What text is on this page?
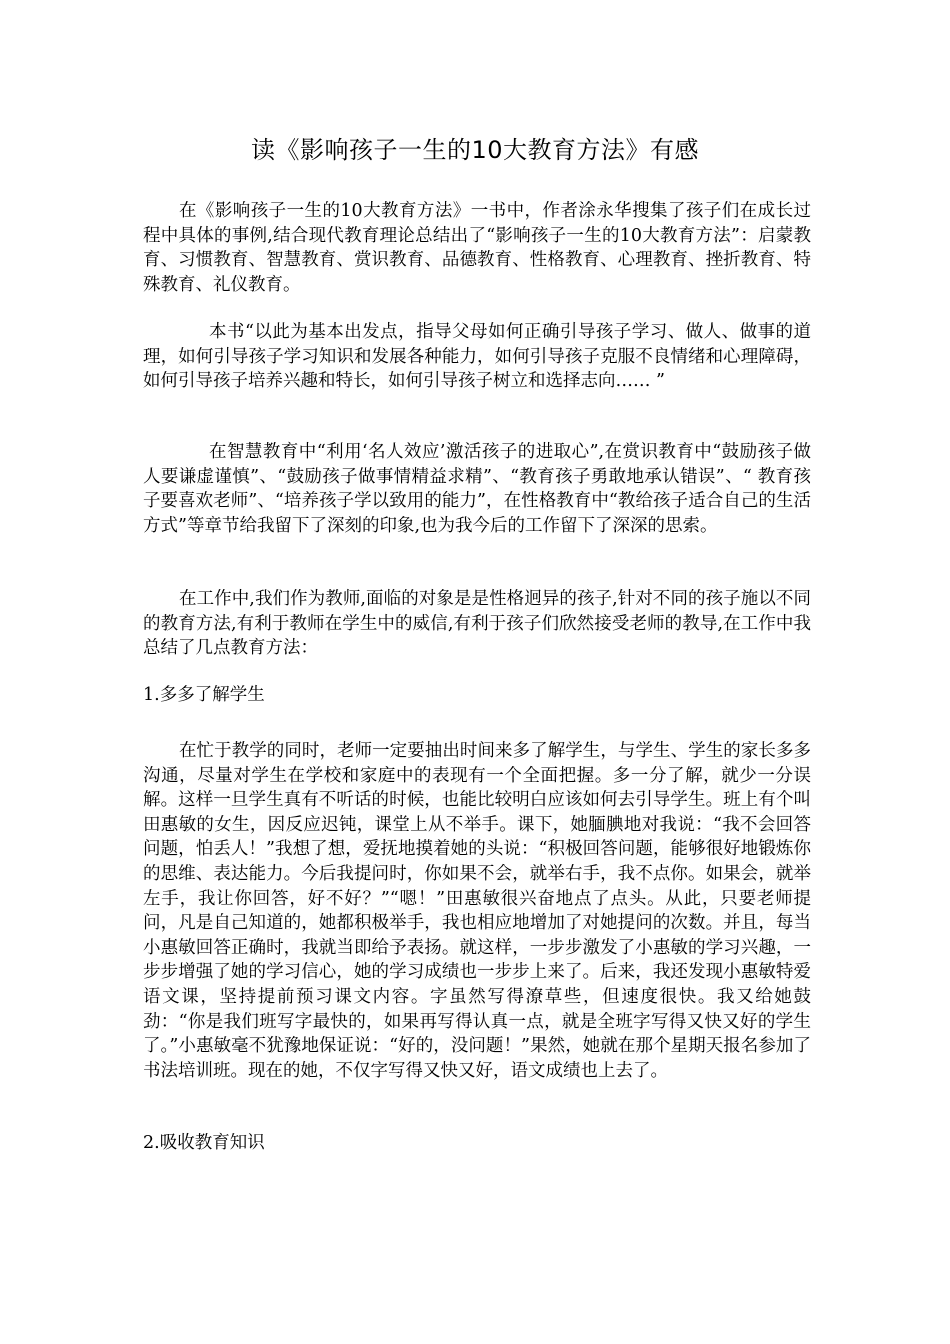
读《影响孩子一生的10大教育方法》有感

在《影响孩子一生的10大教育方法》一书中，作者涂永华搜集了孩子们在成长过程中具体的事例,结合现代教育理论总结出了“影响孩子一生的10大教育方法”：启蒙教育、习惯教育、智慧教育、赏识教育、品德教育、性格教育、心理教育、挫折教育、特殊教育、礼仪教育。

本书“以此为基本出发点，指导父母如何正确引导孩子学习、做人、做事的道理，如何引导孩子学习知识和发展各种能力，如何引导孩子克服不良情绪和心理障碍，如何引导孩子培养兴趣和特长，如何引导孩子树立和选择志向…… ”

在智慧教育中“利用‘名人效应’激活孩子的进取心”,在赏识教育中“鼓励孩子做人要谦虚谨慎”、“鼓励孩子做事情精益求精”、“教育孩子勇敢地承认错误”、“ 教育孩子要喜欢老师”、“培养孩子学以致用的能力”，在性格教育中“教给孩子适合自己的生活方式”等章节给我留下了深刻的印象,也为我今后的工作留下了深深的思索。

在工作中,我们作为教师,面临的对象是是性格迥异的孩子,针对不同的孩子施以不同的教育方法,有利于教师在学生中的威信,有利于孩子们欣然接受老师的教导,在工作中我总结了几点教育方法：

1.多多了解学生

在忙于教学的同时，老师一定要抽出时间来多了解学生，与学生、学生的家长多多沟通，尽量对学生在学校和家庭中的表现有一个全面把握。多一分了解，就少一分误解。这样一旦学生真有不听话的时候，也能比较明白应该如何去引导学生。班上有个叫田惠敏的女生，因反应迟钝，课堂上从不举手。课下，她腼腆地对我说：“我不会回答问题，怕丢人！”我想了想，爱抚地摸着她的头说：“积极回答问题，能够很好地锻炼你的思维、表达能力。今后我提问时，你如果不会，就举右手，我不点你。如果会，就举左手，我让你回答，好不好？”“嗯！”田惠敏很兴奋地点了点头。从此，只要老师提问，凡是自己知道的，她都积极举手，我也相应地增加了对她提问的次数。并且，每当小惠敏回答正确时，我就当即给予表扬。就这样，一步步激发了小惠敏的学习兴趣，一步步增强了她的学习信心，她的学习成绩也一步步上来了。后来，我还发现小惠敏特爱语文课，坚持提前预习课文内容。字虽然写得潦草些，但速度很快。我又给她鼓劲：“你是我们班写字最快的，如果再写得认真一点，就是全班字写得又快又好的学生了。”小惠敏毫不犹豫地保证说：“好的，没问题！”果然，她就在那个星期天报名参加了书法培训班。现在的她，不仅字写得又快又好，语文成绩也上去了。

2.吸收教育知识
